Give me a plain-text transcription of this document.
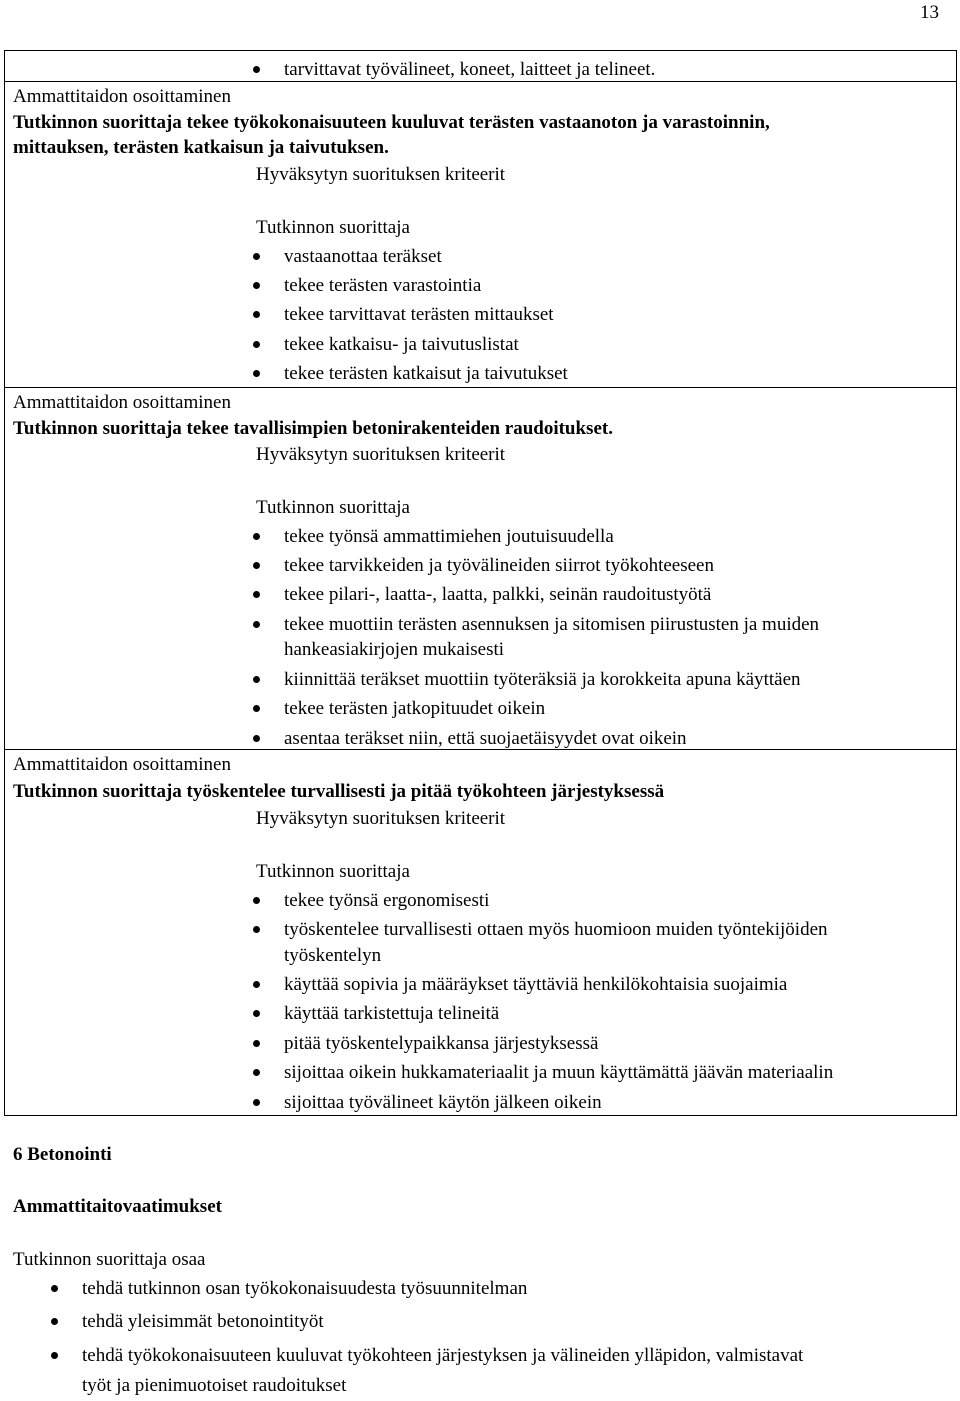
13
tarvittavat työvälineet, koneet, laitteet ja telineet.
Ammattitaidon osoittaminen
Tutkinnon suorittaja tekee työkokonaisuuteen kuuluvat terästen vastaanoton ja varastoinnin,
mittauksen, terästen katkaisun ja taivutuksen.
Hyväksytyn suorituksen kriteerit
Tutkinnon suorittaja
vastaanottaa teräkset
tekee terästen varastointia
tekee tarvittavat terästen mittaukset
tekee katkaisu- ja taivutuslistat
tekee terästen katkaisut ja taivutukset
Ammattitaidon osoittaminen
Tutkinnon suorittaja tekee tavallisimpien betonirakenteiden raudoitukset.
Hyväksytyn suorituksen kriteerit
Tutkinnon suorittaja
tekee työnsä ammattimiehen joutuisuudella
tekee tarvikkeiden ja työvälineiden siirrot työkohteeseen
tekee pilari-, laatta-, laatta, palkki, seinän raudoitustyötä
tekee muottiin terästen asennuksen ja sitomisen piirustusten ja muiden
hankeasiakirjojen mukaisesti
kiinnittää teräkset muottiin työteräksiä ja korokkeita apuna käyttäen
tekee terästen jatkopituudet oikein
asentaa teräkset niin, että suojaetäisyydet ovat oikein
Ammattitaidon osoittaminen
Tutkinnon suorittaja työskentelee turvallisesti ja pitää työkohteen järjestyksessä
Hyväksytyn suorituksen kriteerit
Tutkinnon suorittaja
tekee työnsä ergonomisesti
työskentelee turvallisesti ottaen myös huomioon muiden työntekijöiden
työskentelyn
käyttää sopivia ja määräykset täyttäviä henkilökohtaisia suojaimia
käyttää tarkistettuja telineitä
pitää työskentelypaikkansa järjestyksessä
sijoittaa oikein hukkamateriaalit ja muun käyttämättä jäävän materiaalin
sijoittaa työvälineet käytön jälkeen oikein
6 Betonointi
Ammattitaitovaatimukset
Tutkinnon suorittaja osaa
tehdä tutkinnon osan työkokonaisuudesta työsuunnitelman
tehdä yleisimmät betonointityöt
tehdä työkokonaisuuteen kuuluvat työkohteen järjestyksen ja välineiden ylläpidon, valmistavat
työt ja pienimuotoiset raudoitukset
